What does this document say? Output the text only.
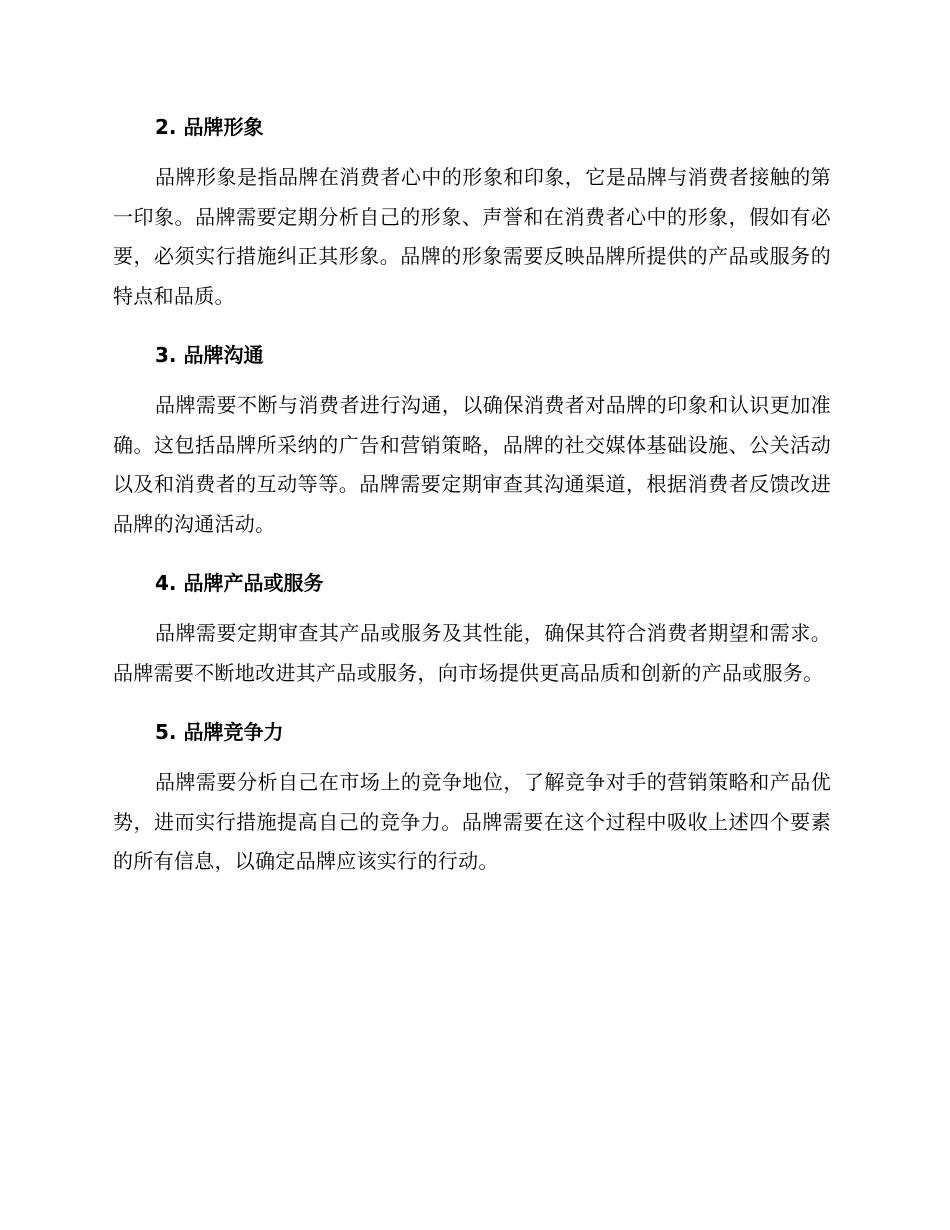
2. 品牌形象

品牌形象是指品牌在消费者心中的形象和印象，它是品牌与消费者接触的第一印象。品牌需要定期分析自己的形象、声誉和在消费者心中的形象，假如有必要，必须实行措施纠正其形象。品牌的形象需要反映品牌所提供的产品或服务的特点和品质。

3. 品牌沟通

品牌需要不断与消费者进行沟通，以确保消费者对品牌的印象和认识更加准确。这包括品牌所采纳的广告和营销策略，品牌的社交媒体基础设施、公关活动以及和消费者的互动等等。品牌需要定期审查其沟通渠道，根据消费者反馈改进品牌的沟通活动。

4. 品牌产品或服务

品牌需要定期审查其产品或服务及其性能，确保其符合消费者期望和需求。品牌需要不断地改进其产品或服务，向市场提供更高品质和创新的产品或服务。

5. 品牌竞争力

品牌需要分析自己在市场上的竞争地位，了解竞争对手的营销策略和产品优势，进而实行措施提高自己的竞争力。品牌需要在这个过程中吸收上述四个要素的所有信息，以确定品牌应该实行的行动。
